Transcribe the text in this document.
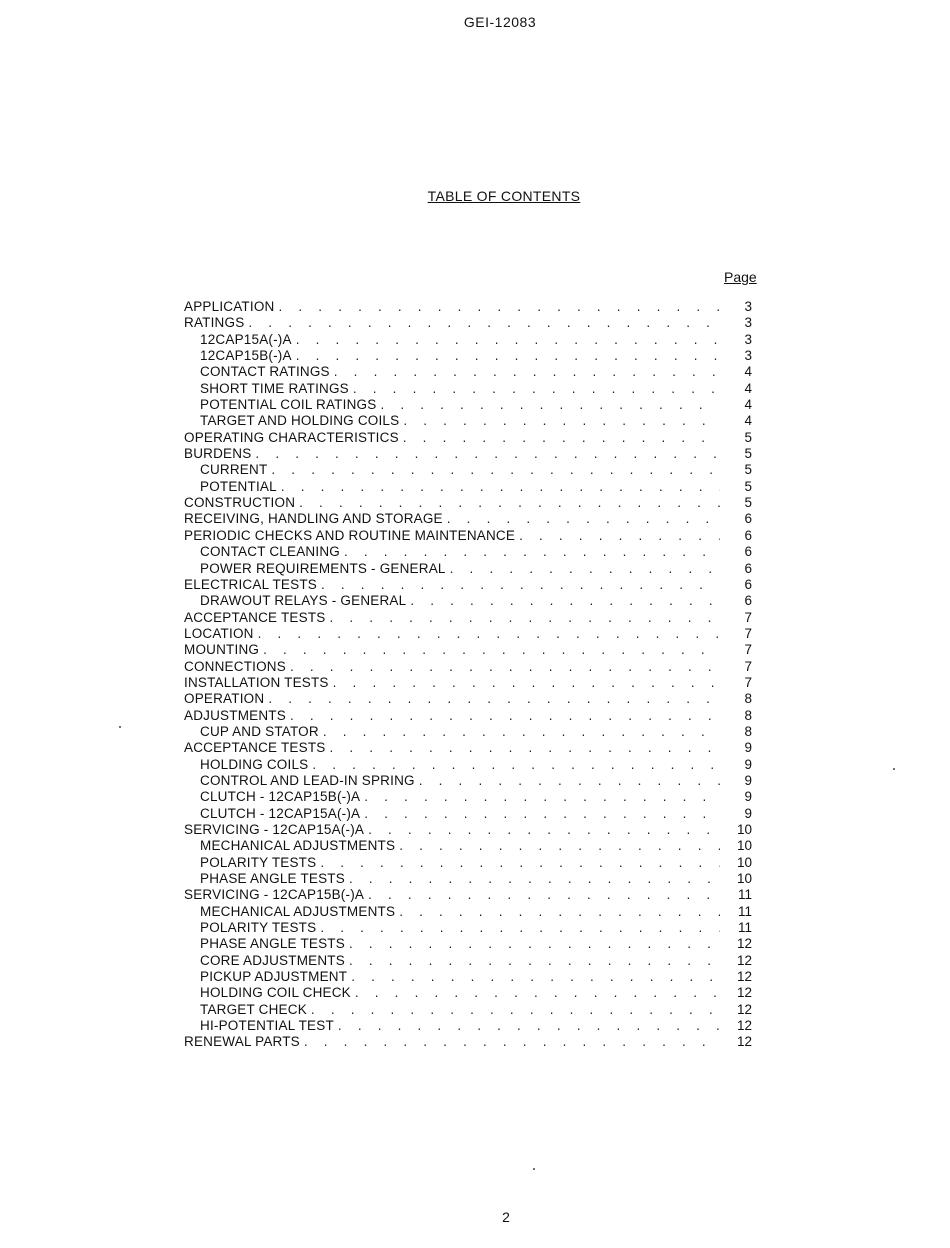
GEI-12083
TABLE OF CONTENTS
Page
APPLICATION . . .	3
RATINGS . . .	3
12CAP15A(-)A . . .	3
12CAP15B(-)A . . .	3
CONTACT RATINGS . . .	4
SHORT TIME RATINGS . . .	4
POTENTIAL COIL RATINGS . . .	4
TARGET AND HOLDING COILS . . .	4
OPERATING CHARACTERISTICS . . .	5
BURDENS . . .	5
CURRENT . . .	5
POTENTIAL . . .	5
CONSTRUCTION . . .	5
RECEIVING, HANDLING AND STORAGE . . .	6
PERIODIC CHECKS AND ROUTINE MAINTENANCE . . .	6
CONTACT CLEANING . . .	6
POWER REQUIREMENTS - GENERAL . . .	6
ELECTRICAL TESTS . . .	6
DRAWOUT RELAYS - GENERAL . . .	6
ACCEPTANCE TESTS . . .	7
LOCATION . . .	7
MOUNTING . . .	7
CONNECTIONS . . .	7
INSTALLATION TESTS . . .	7
OPERATION . . .	8
ADJUSTMENTS . . .	8
CUP AND STATOR . . .	8
ACCEPTANCE TESTS . . .	9
HOLDING COILS . . .	9
CONTROL AND LEAD-IN SPRING . . .	9
CLUTCH - 12CAP15B(-)A . . .	9
CLUTCH - 12CAP15A(-)A . . .	9
SERVICING - 12CAP15A(-)A . . .	10
MECHANICAL ADJUSTMENTS . . .	10
POLARITY TESTS . . .	10
PHASE ANGLE TESTS . . .	10
SERVICING - 12CAP15B(-)A . . .	11
MECHANICAL ADJUSTMENTS . . .	11
POLARITY TESTS . . .	11
PHASE ANGLE TESTS . . .	12
CORE ADJUSTMENTS . . .	12
PICKUP ADJUSTMENT . . .	12
HOLDING COIL CHECK . . .	12
TARGET CHECK . . .	12
HI-POTENTIAL TEST . . .	12
RENEWAL PARTS . . .	12
2
